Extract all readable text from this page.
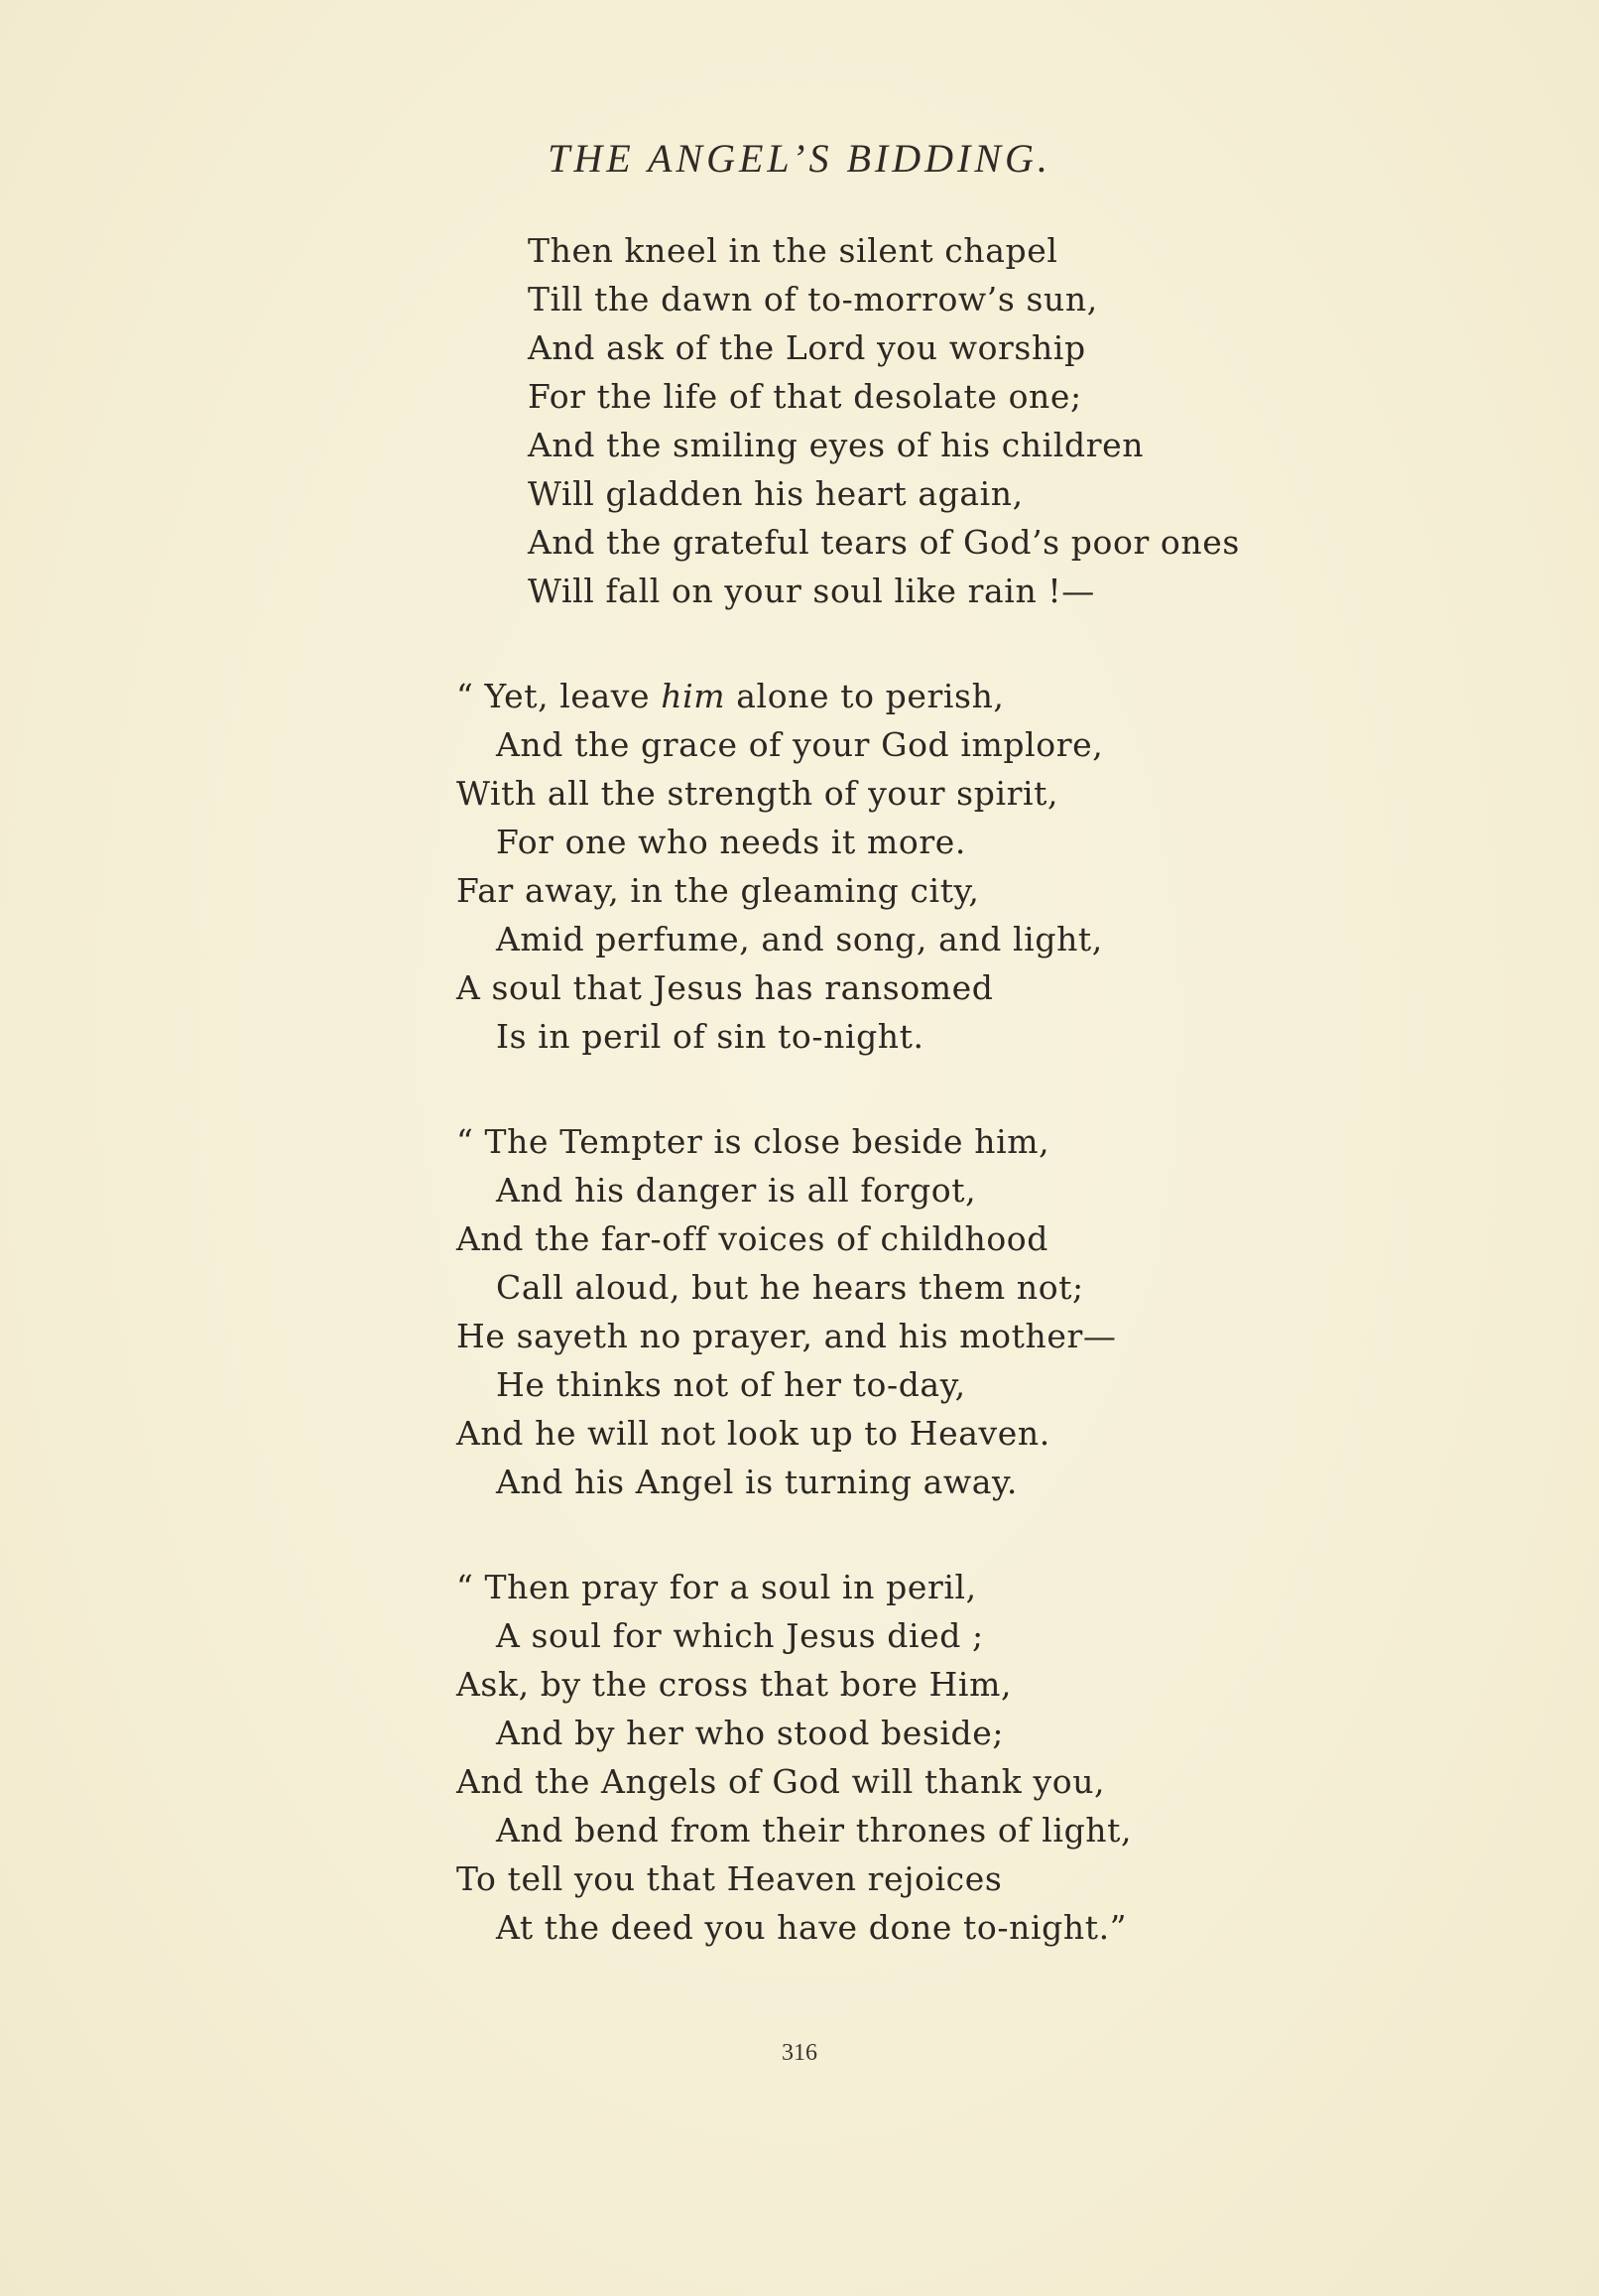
THE ANGEL’S BIDDING.
Then kneel in the silent chapel
Till the dawn of to-morrow’s sun,
And ask of the Lord you worship
For the life of that desolate one;
And the smiling eyes of his children
Will gladden his heart again,
And the grateful tears of God’s poor ones
Will fall on your soul like rain !—
“ Yet, leave him alone to perish,
And the grace of your God implore,
With all the strength of your spirit,
For one who needs it more.
Far away, in the gleaming city,
Amid perfume, and song, and light,
A soul that Jesus has ransomed
Is in peril of sin to-night.
“ The Tempter is close beside him,
And his danger is all forgot,
And the far-off voices of childhood
Call aloud, but he hears them not;
He sayeth no prayer, and his mother—
He thinks not of her to-day,
And he will not look up to Heaven.
And his Angel is turning away.
“ Then pray for a soul in peril,
A soul for which Jesus died ;
Ask, by the cross that bore Him,
And by her who stood beside;
And the Angels of God will thank you,
And bend from their thrones of light,
To tell you that Heaven rejoices
At the deed you have done to-night.”
316
